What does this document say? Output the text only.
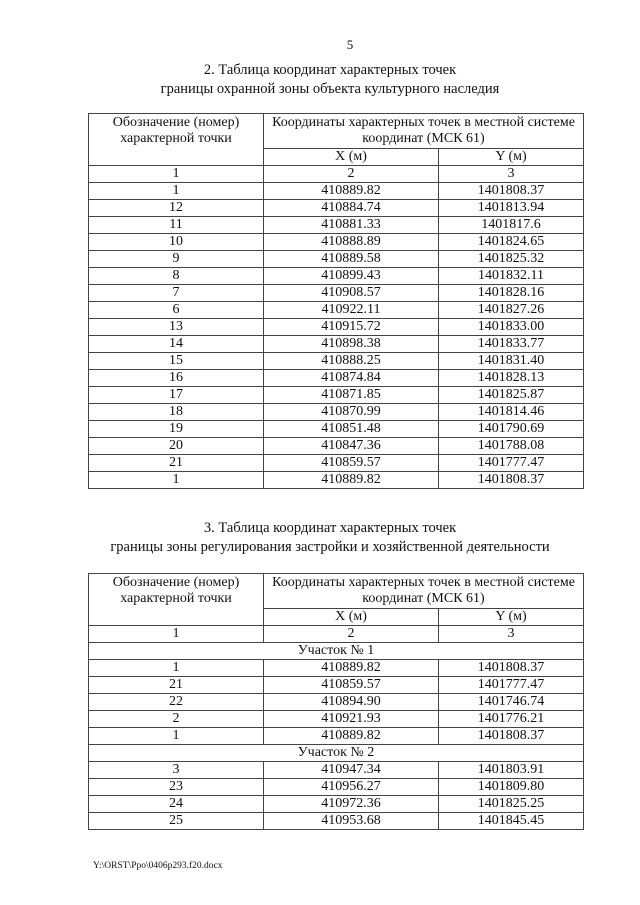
5
2. Таблица координат характерных точек
границы охранной зоны объекта культурного наследия
Обозначение (номер) характерной точки	Координаты характерных точек в местной системе координат (МСК 61)	
	X (м)	Y (м)
1	2	3
1	410889.82	1401808.37
12	410884.74	1401813.94
11	410881.33	1401817.6
10	410888.89	1401824.65
9	410889.58	1401825.32
8	410899.43	1401832.11
7	410908.57	1401828.16
6	410922.11	1401827.26
13	410915.72	1401833.00
14	410898.38	1401833.77
15	410888.25	1401831.40
16	410874.84	1401828.13
17	410871.85	1401825.87
18	410870.99	1401814.46
19	410851.48	1401790.69
20	410847.36	1401788.08
21	410859.57	1401777.47
1	410889.82	1401808.37
3. Таблица координат характерных точек
границы зоны регулирования застройки и хозяйственной деятельности
Обозначение (номер) характерной точки	Координаты характерных точек в местной системе координат (МСК 61)	
	X (м)	Y (м)
1	2	3
Участок № 1		
1	410889.82	1401808.37
21	410859.57	1401777.47
22	410894.90	1401746.74
2	410921.93	1401776.21
1	410889.82	1401808.37
Участок № 2		
3	410947.34	1401803.91
23	410956.27	1401809.80
24	410972.36	1401825.25
25	410953.68	1401845.45
Y:\ORST\Ppo\0406p293.f20.docx
